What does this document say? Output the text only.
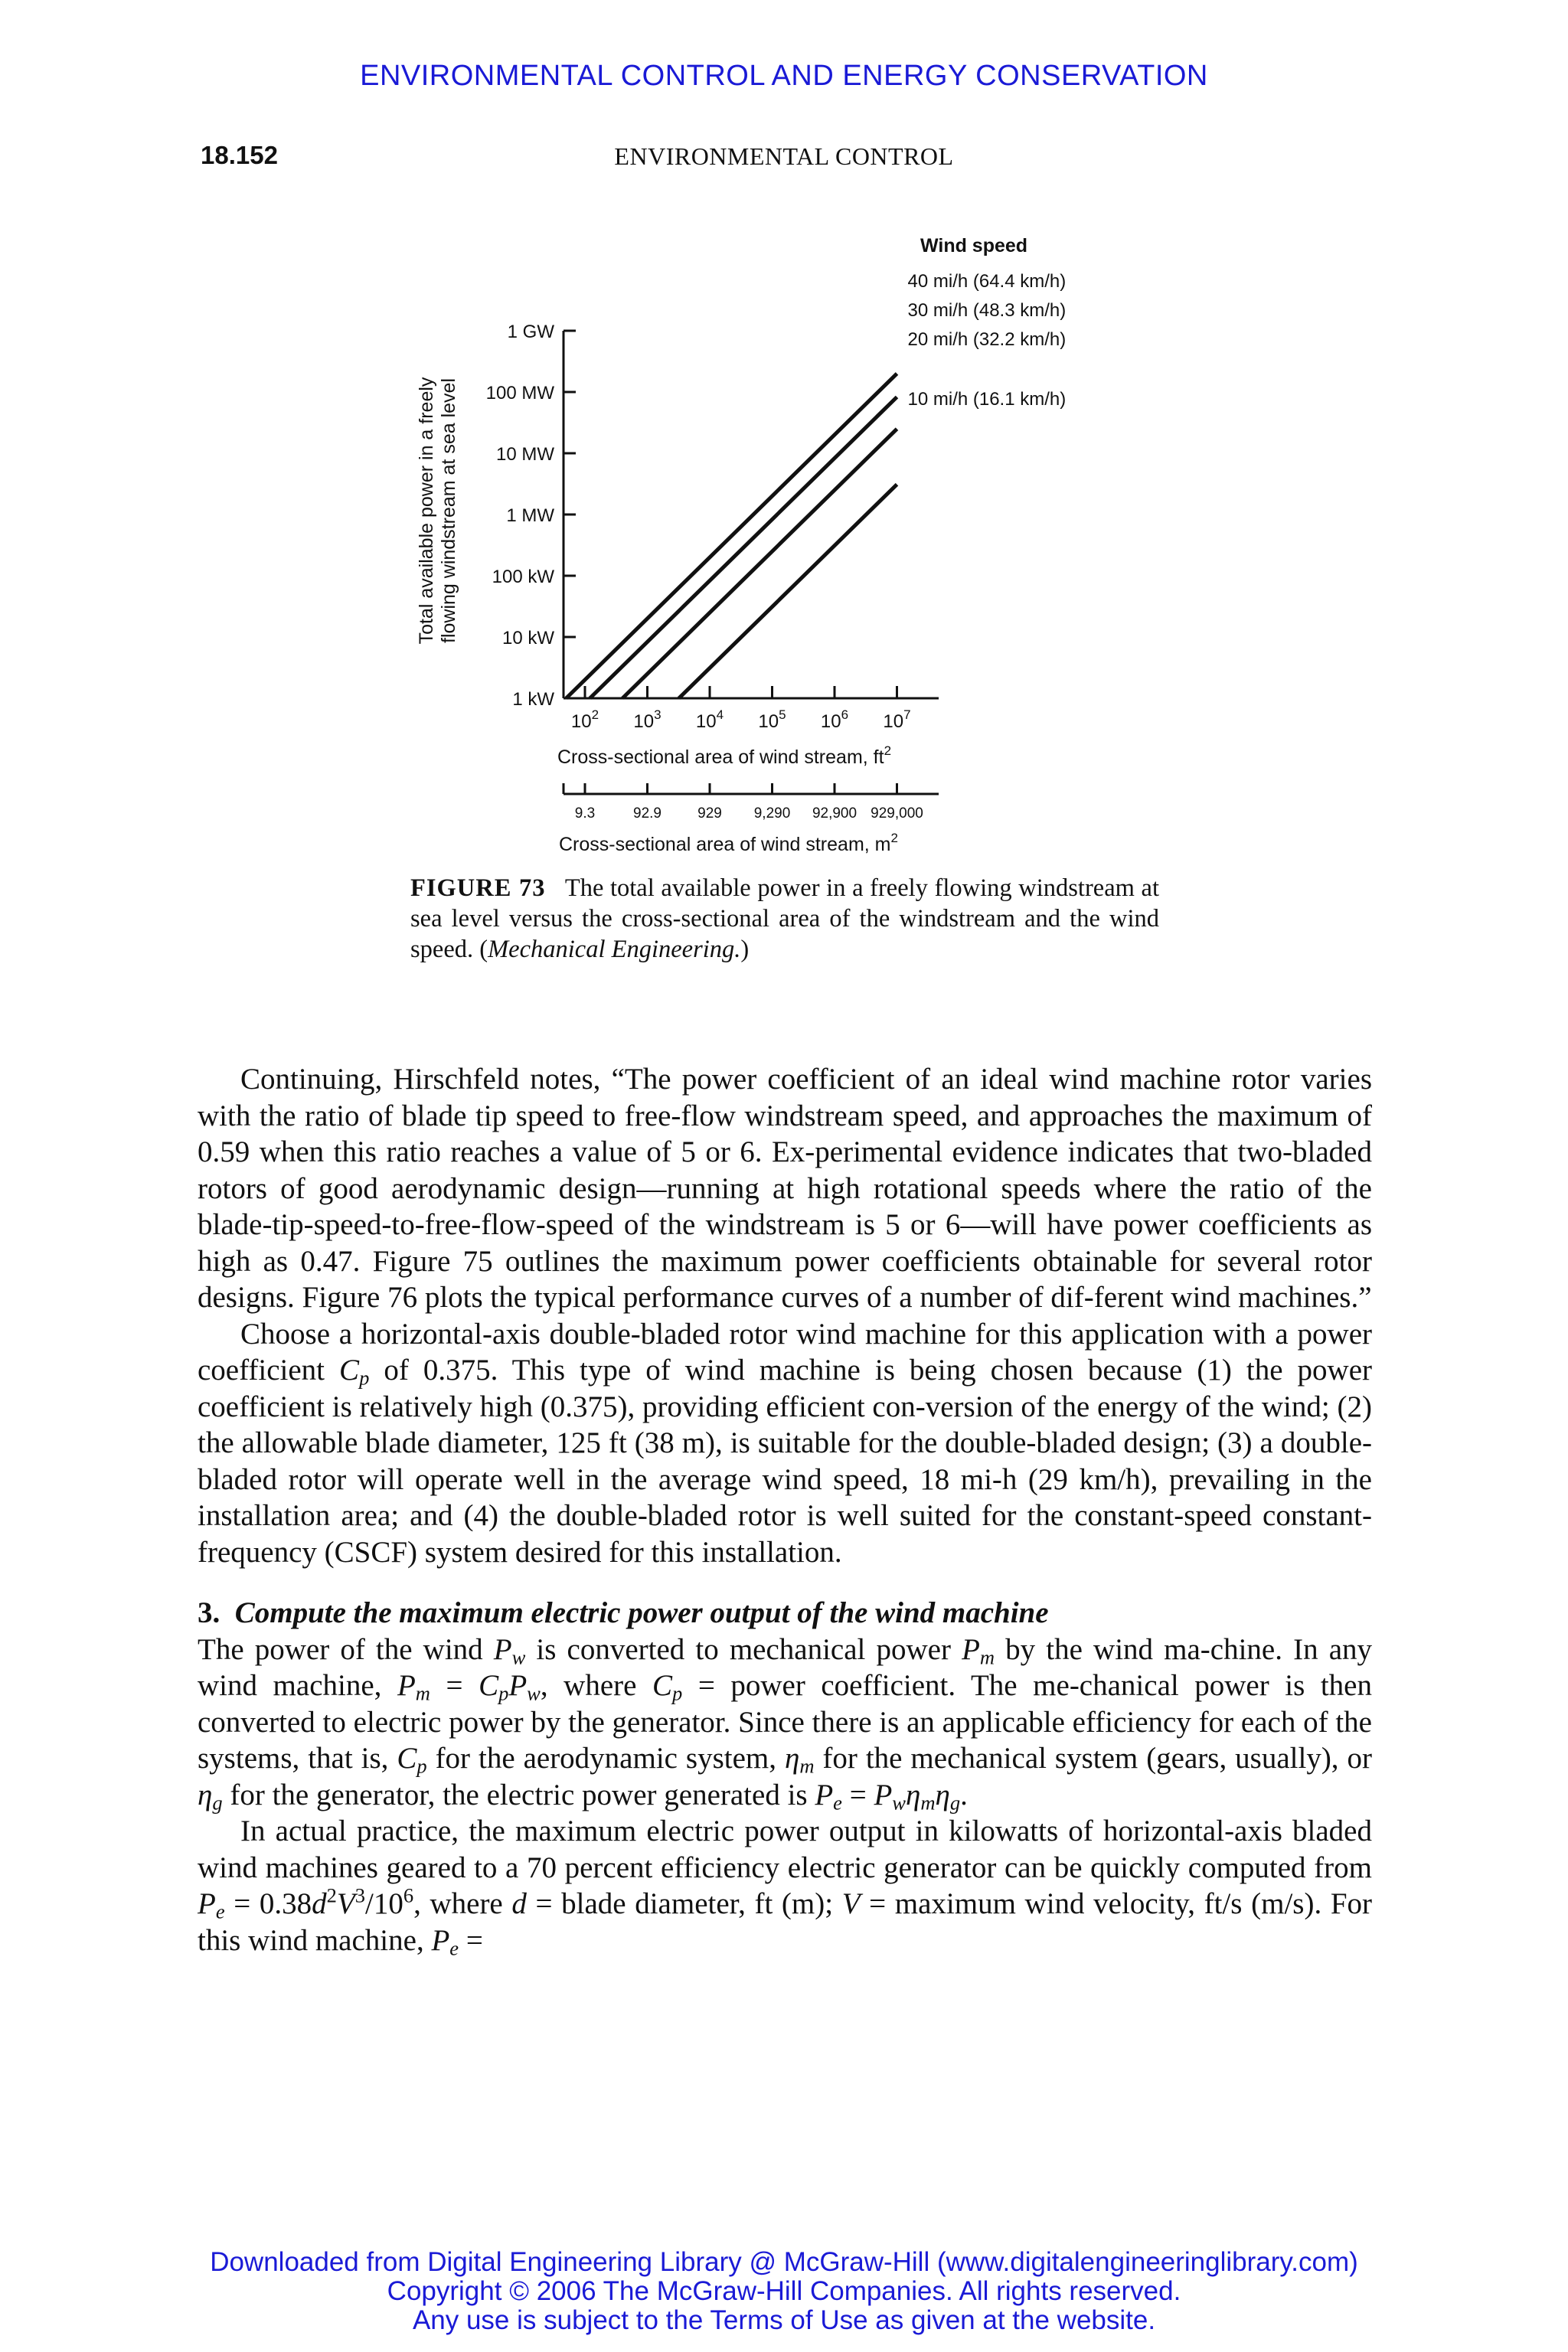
ENVIRONMENTAL CONTROL AND ENERGY CONSERVATION
18.152	ENVIRONMENTAL CONTROL
Total available power in a freely flowing windstream at sea level
1 kW
10 kW
100 kW
1 MW
10 MW
100 MW
1 GW
$10^2$ $10^3$ $10^4$ $10^5$ $10^6$ $10^7$
Wind speed
40 mi/h (64.4 km/h)
30 mi/h (48.3 km/h)
20 mi/h (32.2 km/h)
10 mi/h (16.1 km/h)
Cross-sectional area of wind stream, $ft^2$
9.3	92.9 929 9,290 92,900 929,000
Cross-sectional area of wind stream, $m^2$
FIGURE 73 The total available power in a freely flowing windstream at sea level versus the cross-sectional area of the windstream and the wind speed. (Mechanical Engineering.)

Continuing, Hirschfeld notes, “The power coefficient of an ideal wind machine rotor varies with the ratio of blade tip speed to free-flow windstream speed, and approaches the maximum of 0.59 when this ratio reaches a value of 5 or 6. Ex-perimental evidence indicates that two-bladed rotors of good aerodynamic design—running at high rotational speeds where the ratio of the blade-tip-speed-to-free-flow-speed of the windstream is 5 or 6—will have power coefficients as high as 0.47. Figure 75 outlines the maximum power coefficients obtainable for several rotor designs. Figure 76 plots the typical performance curves of a number of dif-ferent wind machines.”

Choose a horizontal-axis double-bladed rotor wind machine for this application with a power coefficient $C_p$ of 0.375. This type of wind machine is being chosen because (1) the power coefficient is relatively high (0.375), providing efficient con-version of the energy of the wind; (2) the allowable blade diameter, 125 ft (38 m), is suitable for the double-bladed design; (3) a double-bladed rotor will operate well in the average wind speed, 18 mi-h (29 km/h), prevailing in the installation area; and (4) the double-bladed rotor is well suited for the constant-speed constant-frequency (CSCF) system desired for this installation.

3. Compute the maximum electric power output of the wind machine

The power of the wind $P_w$ is converted to mechanical power $P_m$ by the wind ma-chine. In any wind machine, $P_m = C_pP_w$, where $C_p$ = power coefficient. The me-chanical power is then converted to electric power by the generator. Since there is an applicable efficiency for each of the systems, that is, $C_p$ for the aerodynamic system, $\eta_m$ for the mechanical system (gears, usually), or $\eta_g$ for the generator, the electric power generated is $P_e = P_w\eta_m\eta_g$.

In actual practice, the maximum electric power output in kilowatts of horizontal-axis bladed wind machines geared to a 70 percent efficiency electric generator can be quickly computed from $P_e = 0.38d^2V^3/10^6$, where d = blade diameter, ft (m); V = maximum wind velocity, ft/s (m/s). For this wind machine, $P_e$ =

Downloaded from Digital Engineering Library @ McGraw-Hill (www.digitalengineeringlibrary.com)
Copyright © 2006 The McGraw-Hill Companies. All rights reserved.
Any use is subject to the Terms of Use as given at the website.
